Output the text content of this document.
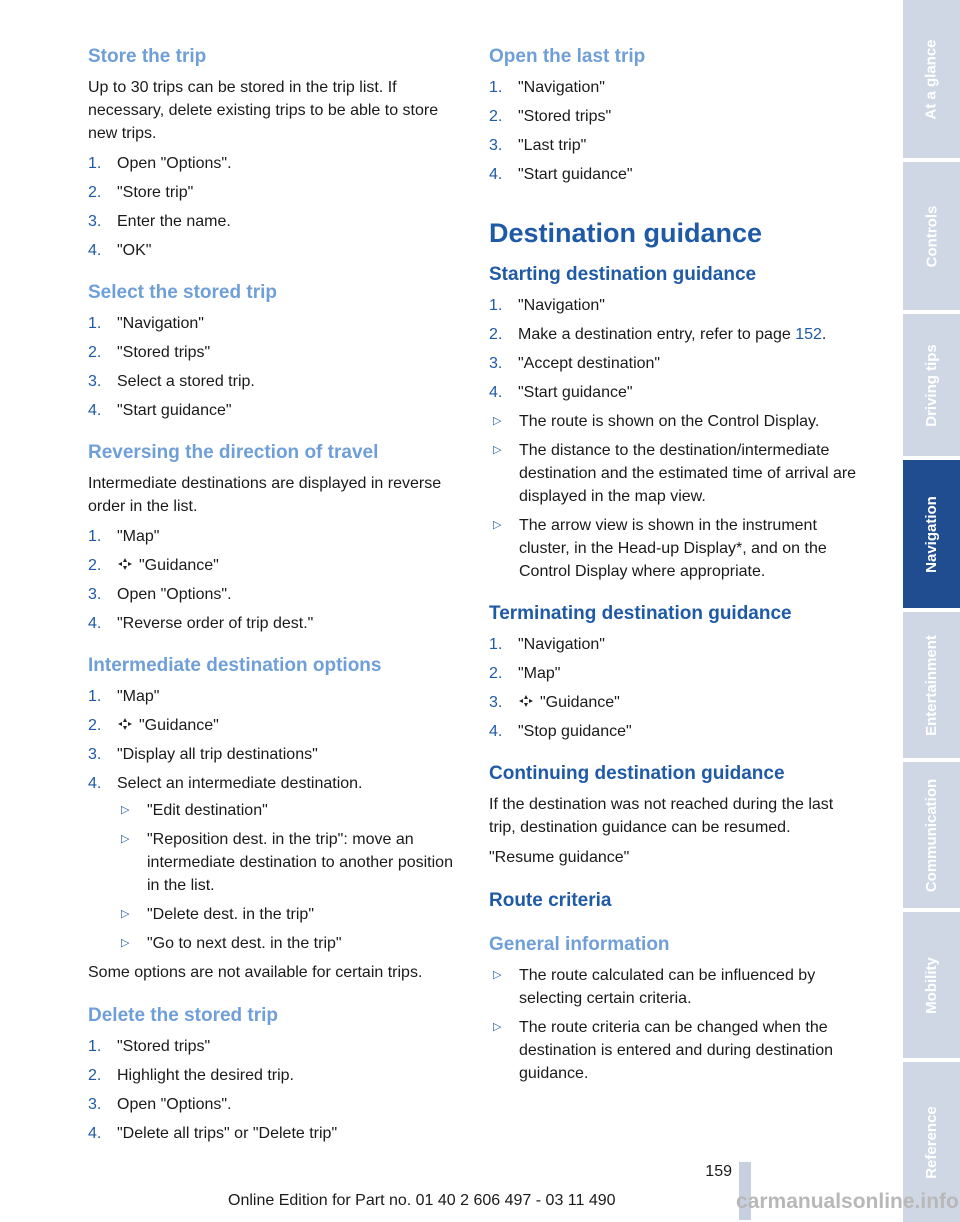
Store the trip

Up to 30 trips can be stored in the trip list. If necessary, delete existing trips to be able to store new trips.

1. Open "Options".
2. "Store trip"
3. Enter the name.
4. "OK"
Select the stored trip
1. "Navigation"
2. "Stored trips"
3. Select a stored trip.
4. "Start guidance"
Reversing the direction of travel

Intermediate destinations are displayed in reverse order in the list.

1. "Map"
2. "Guidance"
3. Open "Options".
4. "Reverse order of trip dest."
Intermediate destination options
1. "Map"
2. "Guidance"
3. "Display all trip destinations"
4. Select an intermediate destination.
▷ "Edit destination"
▷ "Reposition dest. in the trip": move an intermediate destination to another position in the list.
▷ "Delete dest. in the trip"
▷ "Go to next dest. in the trip"

Some options are not available for certain trips.

Delete the stored trip
1. "Stored trips"
2. Highlight the desired trip.
3. Open "Options".
4. "Delete all trips" or "Delete trip"
Open the last trip
1. "Navigation"
2. "Stored trips"
3. "Last trip"
4. "Start guidance"
Destination guidance
Starting destination guidance
1. "Navigation"
2. Make a destination entry, refer to page 152.
3. "Accept destination"
4. "Start guidance"
▷ The route is shown on the Control Display.
▷ The distance to the destination/intermediate destination and the estimated time of arrival are displayed in the map view.
▷ The arrow view is shown in the instrument cluster, in the Head-up Display*, and on the Control Display where appropriate.
Terminating destination guidance
1. "Navigation"
2. "Map"
3. "Guidance"
4. "Stop guidance"
Continuing destination guidance

If the destination was not reached during the last trip, destination guidance can be resumed.

"Resume guidance"

Route criteria
General information
▷ The route calculated can be influenced by selecting certain criteria.
▷ The route criteria can be changed when the destination is entered and during destination guidance.
At a glance
Controls
Driving tips
Navigation
Entertainment
Communication
Mobility
Reference
159
Online Edition for Part no. 01 40 2 606 497 - 03 11 490	carmanualsonline.info
